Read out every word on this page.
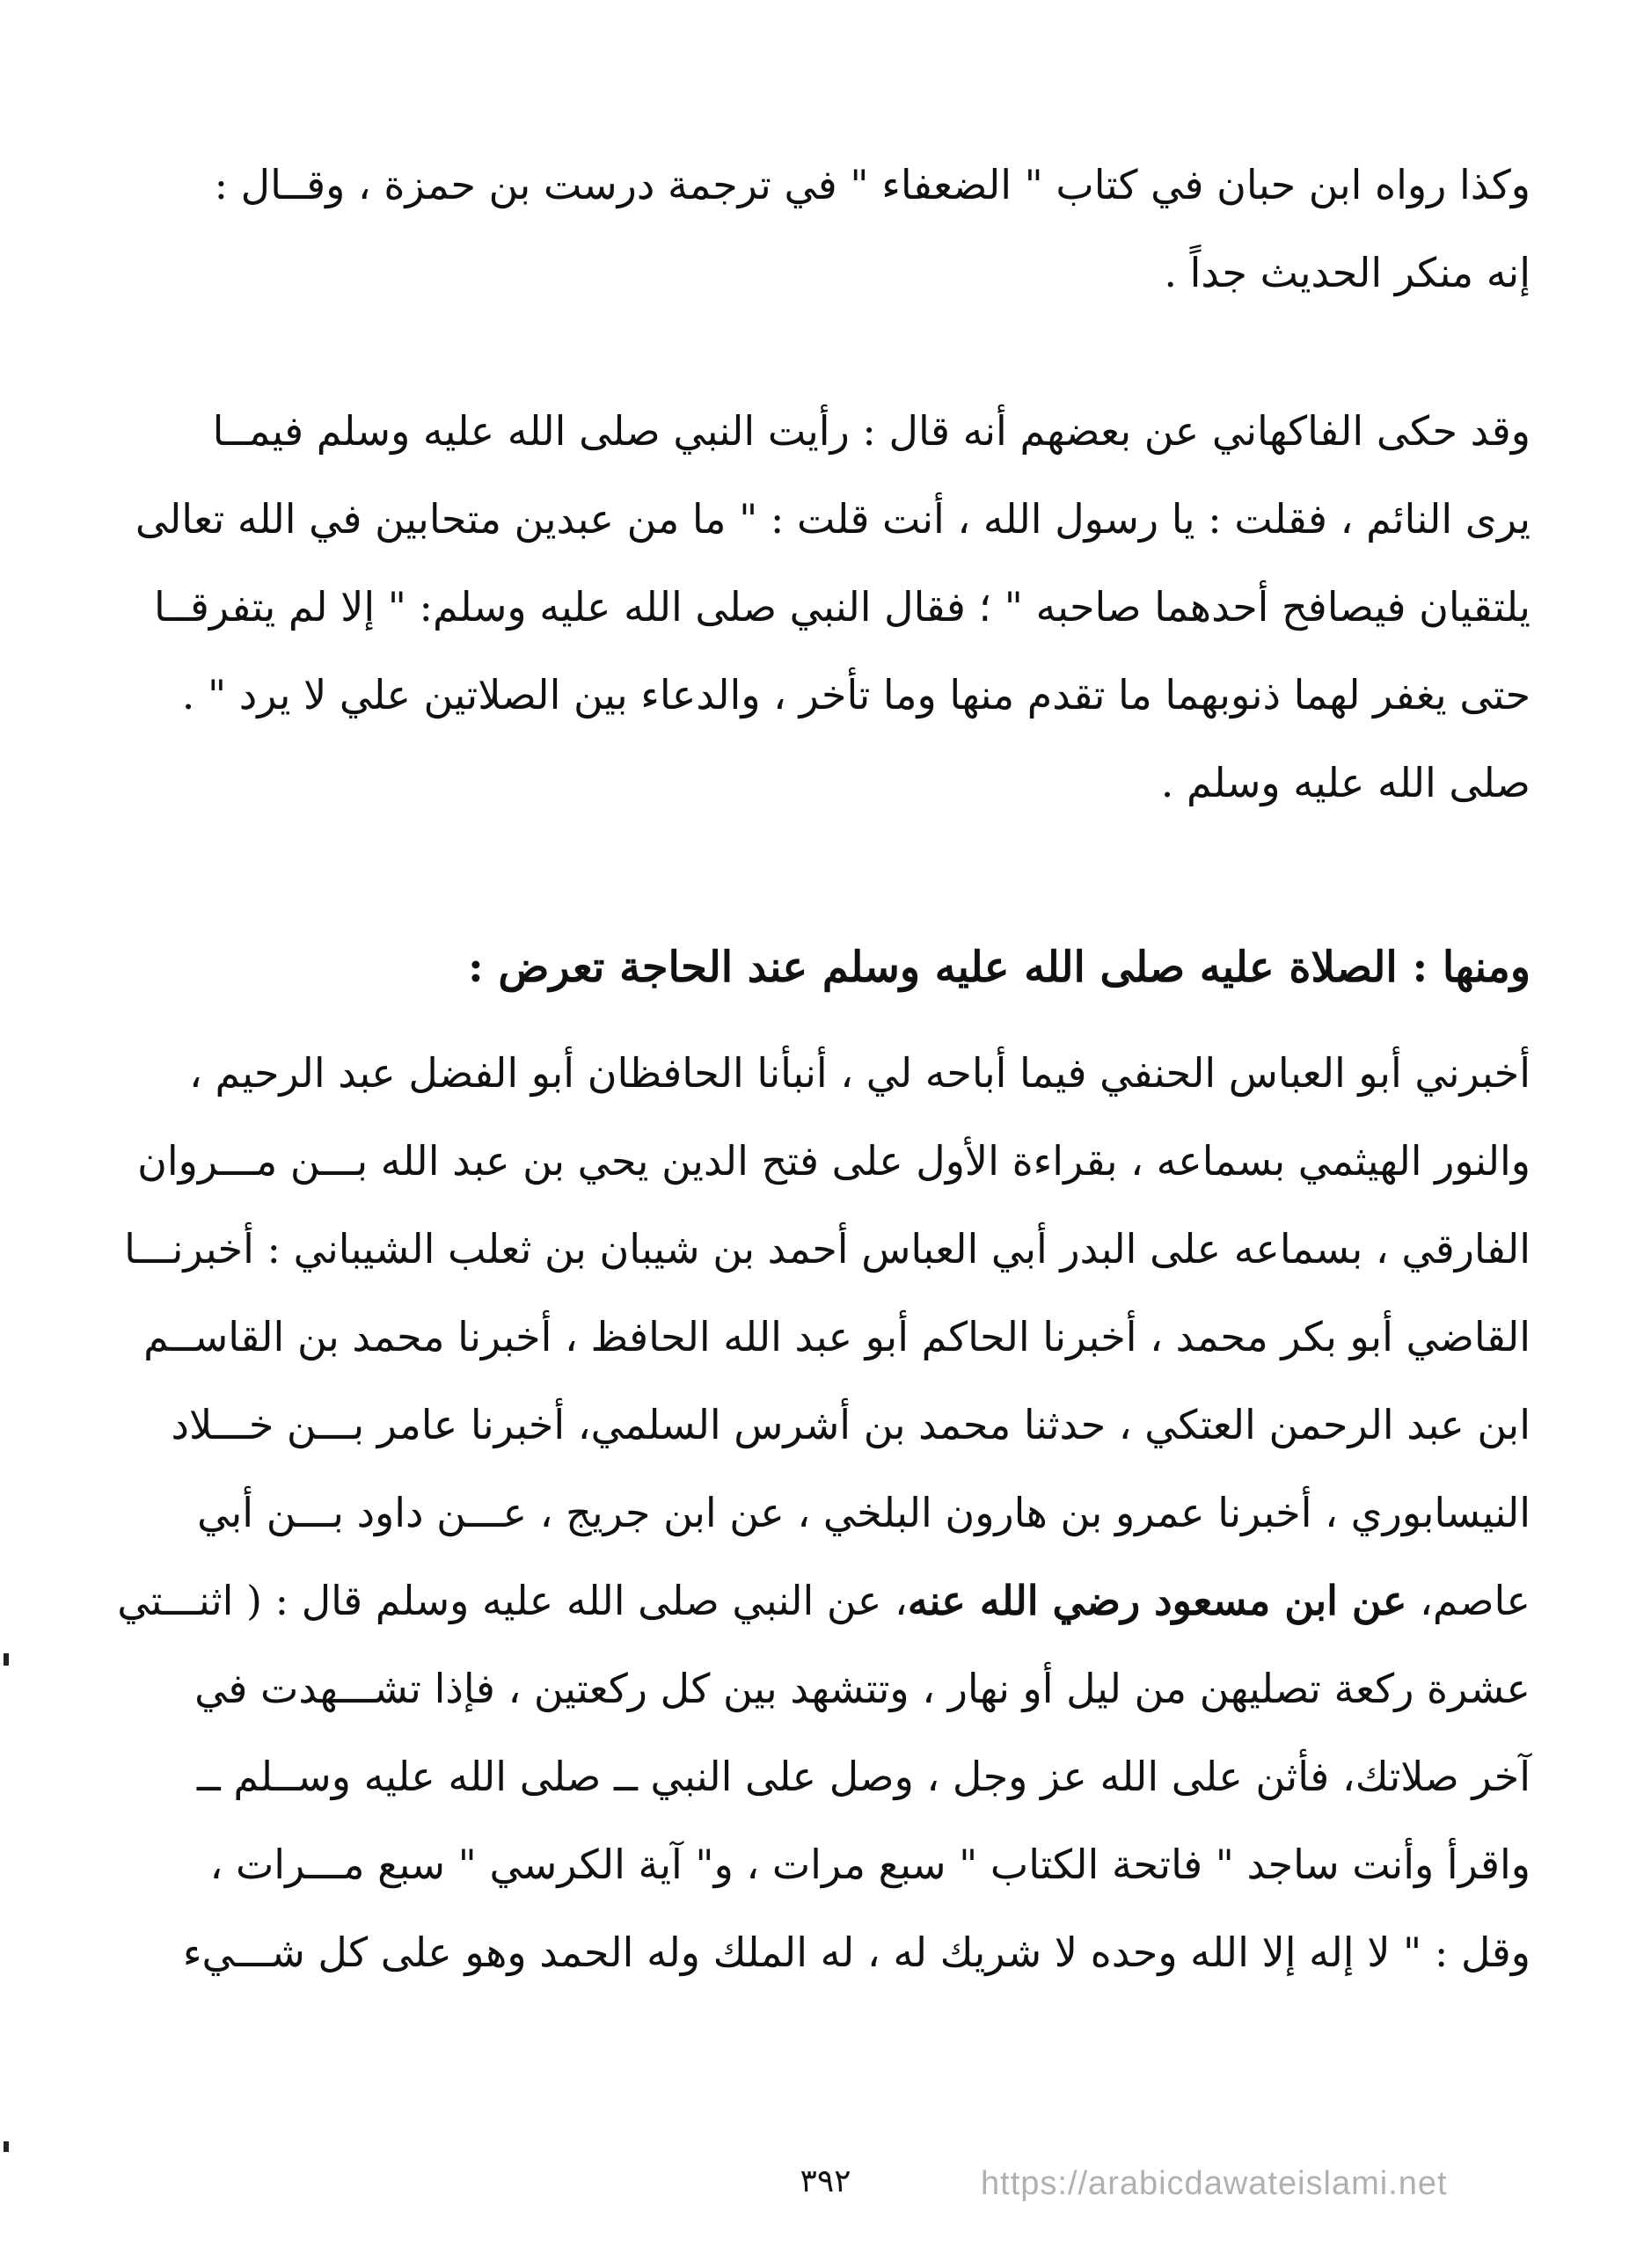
وكذا رواه ابن حبان في كتاب " الضعفاء " في ترجمة درست بن حمزة ، وقــال :
إنه منكر الحديث جداً .
وقد حكى الفاكهاني عن بعضهم أنه قال : رأيت النبي صلى الله عليه وسلم فيمــا
يرى النائم ، فقلت : يا رسول الله ، أنت قلت : " ما من عبدين متحابين في الله تعالى
يلتقيان فيصافح أحدهما صاحبه " ؛ فقال النبي صلى الله عليه وسلم: " إلا لم يتفرقــا
حتى يغفر لهما ذنوبهما ما تقدم منها وما تأخر ، والدعاء بين الصلاتين علي لا يرد " .
صلى الله عليه وسلم .
ومنها : الصلاة عليه صلى الله عليه وسلم عند الحاجة تعرض :
أخبرني أبو العباس الحنفي فيما أباحه لي ، أنبأنا الحافظان أبو الفضل عبد الرحيم ،
والنور الهيثمي بسماعه ، بقراءة الأول على فتح الدين يحي بن عبد الله بـــن مـــروان
الفارقي ، بسماعه على البدر أبي العباس أحمد بن شيبان بن ثعلب الشيباني : أخبرنـــا
القاضي أبو بكر محمد ، أخبرنا الحاكم أبو عبد الله الحافظ ، أخبرنا محمد بن القاســم
ابن عبد الرحمن العتكي ، حدثنا محمد بن أشرس السلمي، أخبرنا عامر بـــن خـــلاد
النيسابوري ، أخبرنا عمرو بن هارون البلخي ، عن ابن جريج ، عـــن داود بـــن أبي
عاصم، عن ابن مسعود رضي الله عنه، عن النبي صلى الله عليه وسلم قال : ( اثنـــتي
عشرة ركعة تصليهن من ليل أو نهار ، وتتشهد بين كل ركعتين ، فإذا تشـــهدت في
آخر صلاتك، فأثن على الله عز وجل ، وصل على النبي ــ صلى الله عليه وســلم ــ
واقرأ وأنت ساجد " فاتحة الكتاب " سبع مرات ، و" آية الكرسي " سبع مـــرات ،
وقل : " لا إله إلا الله وحده لا شريك له ، له الملك وله الحمد وهو على كل شـــيء
٣٩٢	https://arabicdawateislami.net
